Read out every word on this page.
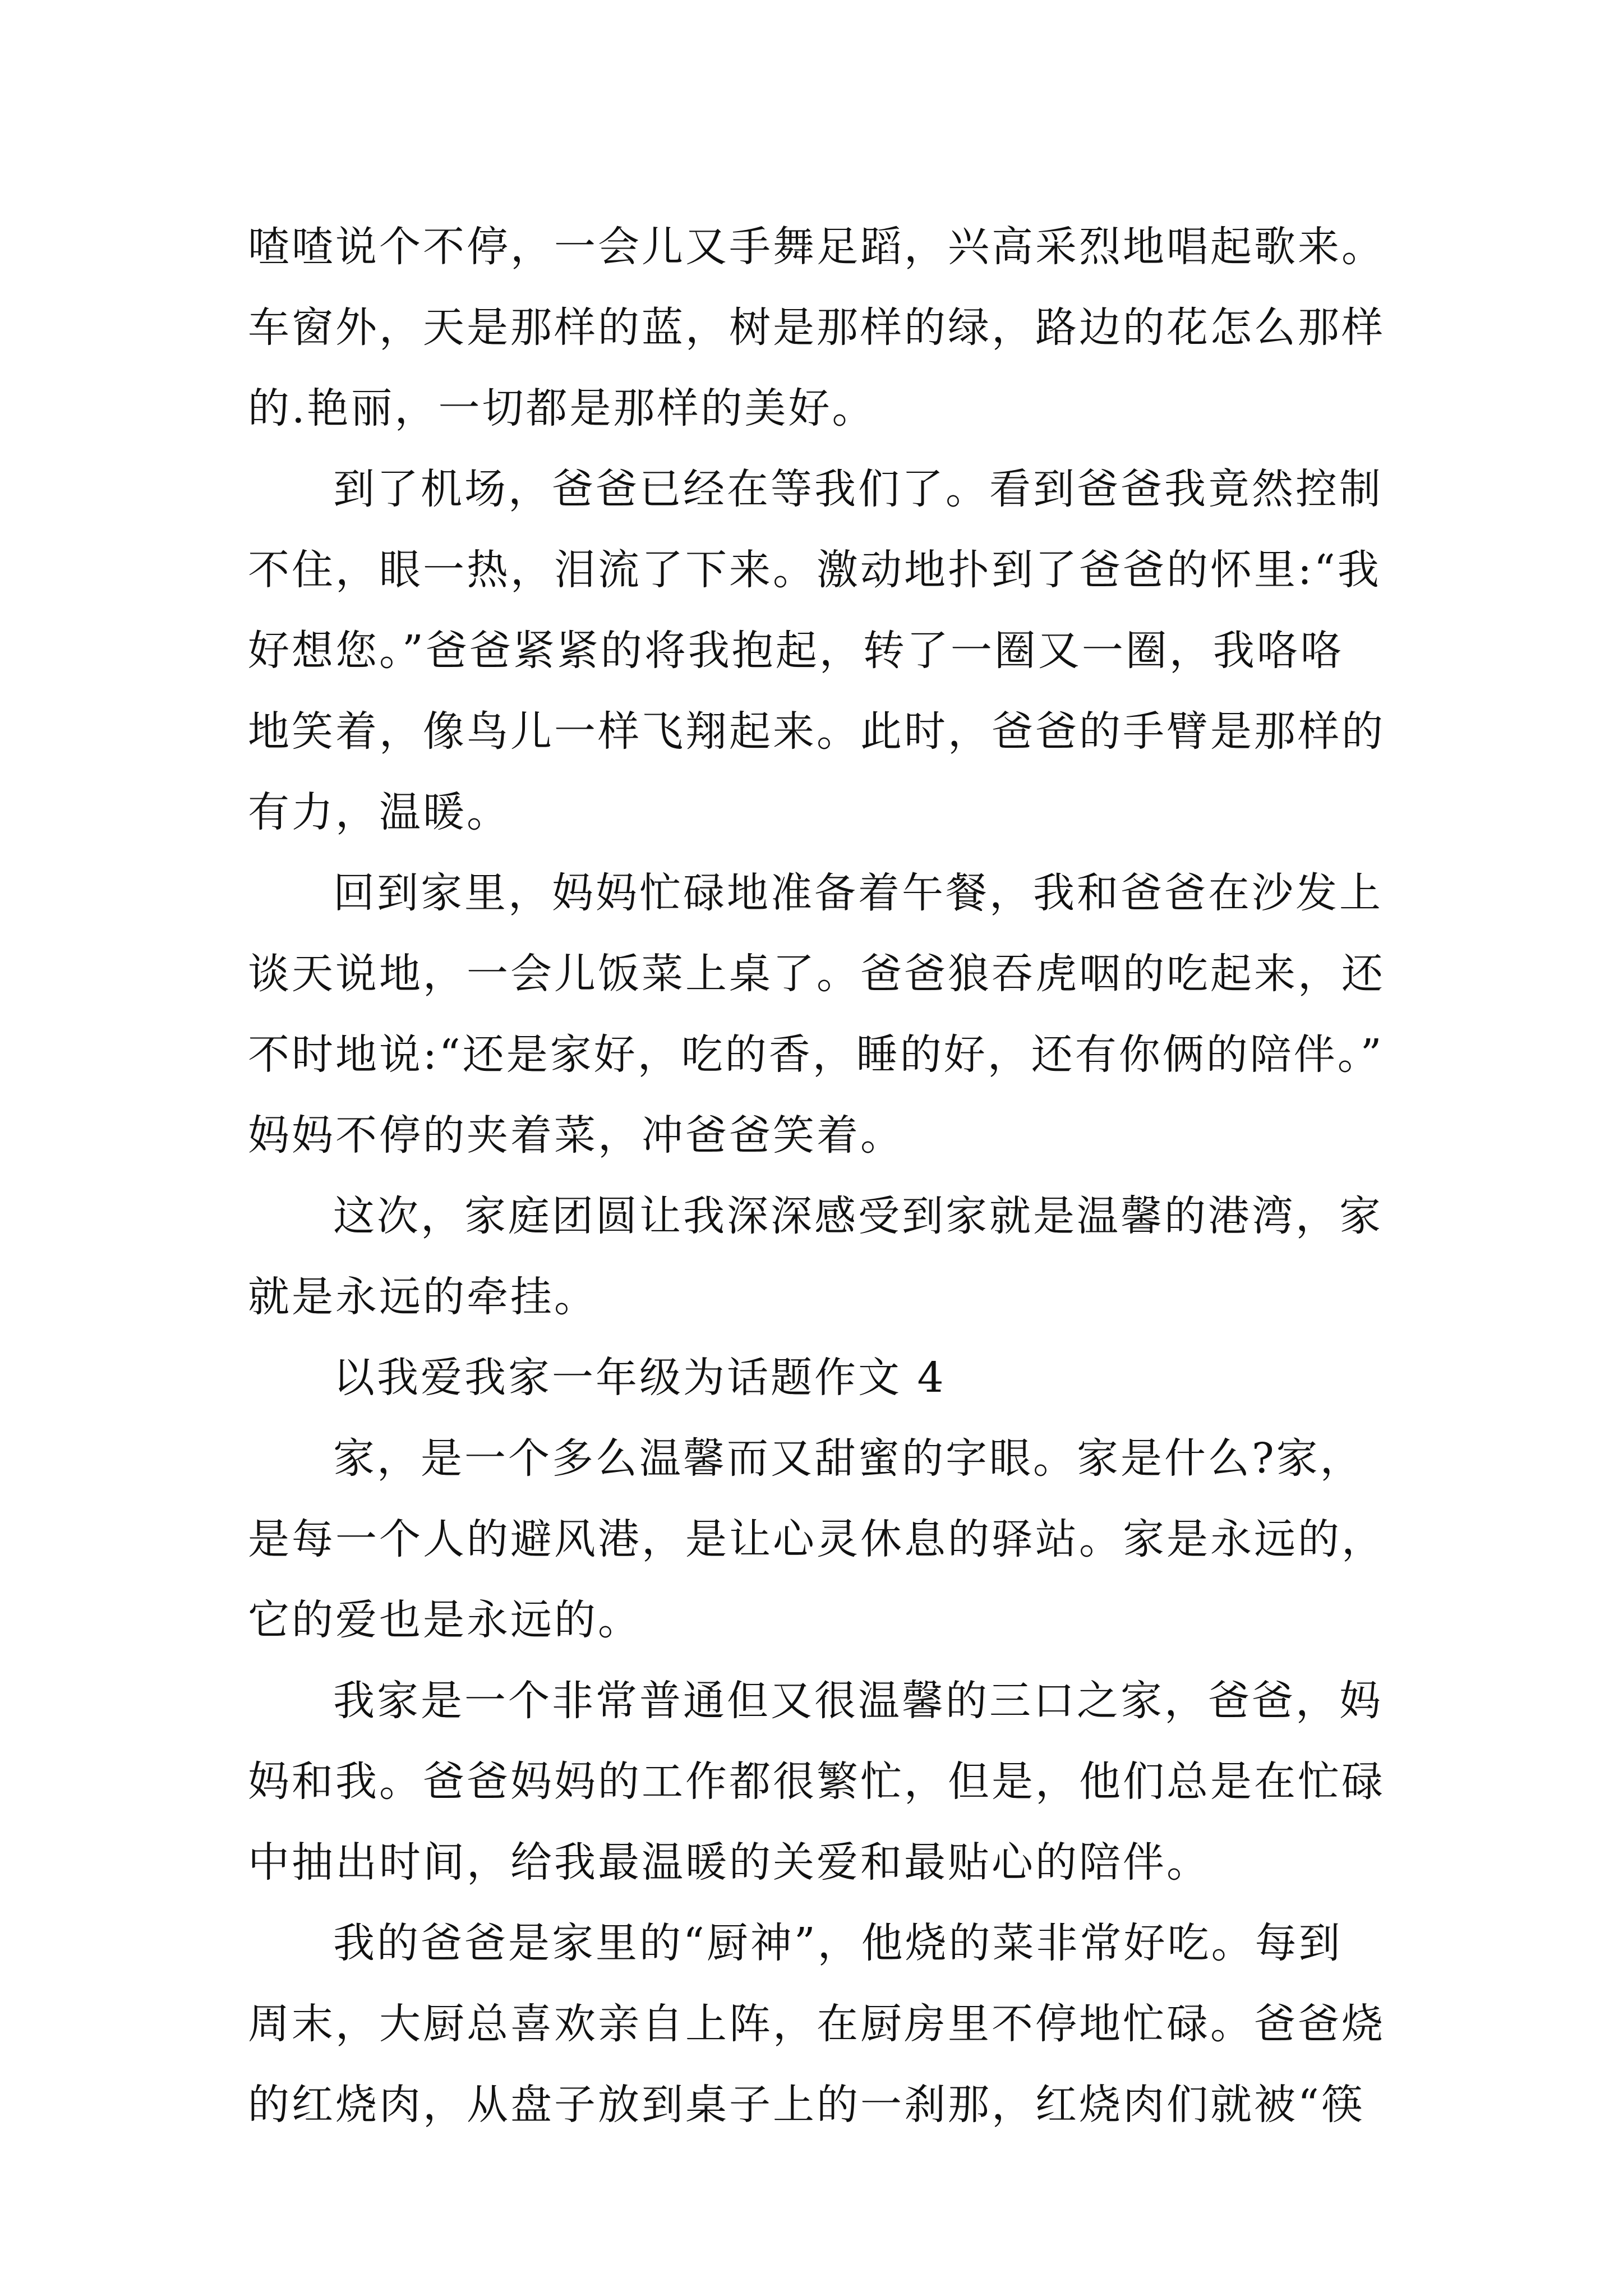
喳喳说个不停，一会儿又手舞足蹈，兴高采烈地唱起歌来。
车窗外，天是那样的蓝，树是那样的绿，路边的花怎么那样
的.艳丽，一切都是那样的美好。
到了机场，爸爸已经在等我们了。看到爸爸我竟然控制
不住，眼一热，泪流了下来。激动地扑到了爸爸的怀里:“我
好想您。”爸爸紧紧的将我抱起，转了一圈又一圈，我咯咯
地笑着，像鸟儿一样飞翔起来。此时，爸爸的手臂是那样的
有力，温暖。
回到家里，妈妈忙碌地准备着午餐，我和爸爸在沙发上
谈天说地，一会儿饭菜上桌了。爸爸狼吞虎咽的吃起来，还
不时地说:“还是家好，吃的香，睡的好，还有你俩的陪伴。”
妈妈不停的夹着菜，冲爸爸笑着。
这次，家庭团圆让我深深感受到家就是温馨的港湾，家
就是永远的牵挂。
以我爱我家一年级为话题作文 4
家，是一个多么温馨而又甜蜜的字眼。家是什么?家，
是每一个人的避风港，是让心灵休息的驿站。家是永远的，
它的爱也是永远的。
我家是一个非常普通但又很温馨的三口之家，爸爸，妈
妈和我。爸爸妈妈的工作都很繁忙，但是，他们总是在忙碌
中抽出时间，给我最温暖的关爱和最贴心的陪伴。
我的爸爸是家里的“厨神”，他烧的菜非常好吃。每到
周末，大厨总喜欢亲自上阵，在厨房里不停地忙碌。爸爸烧
的红烧肉，从盘子放到桌子上的一刹那，红烧肉们就被“筷
